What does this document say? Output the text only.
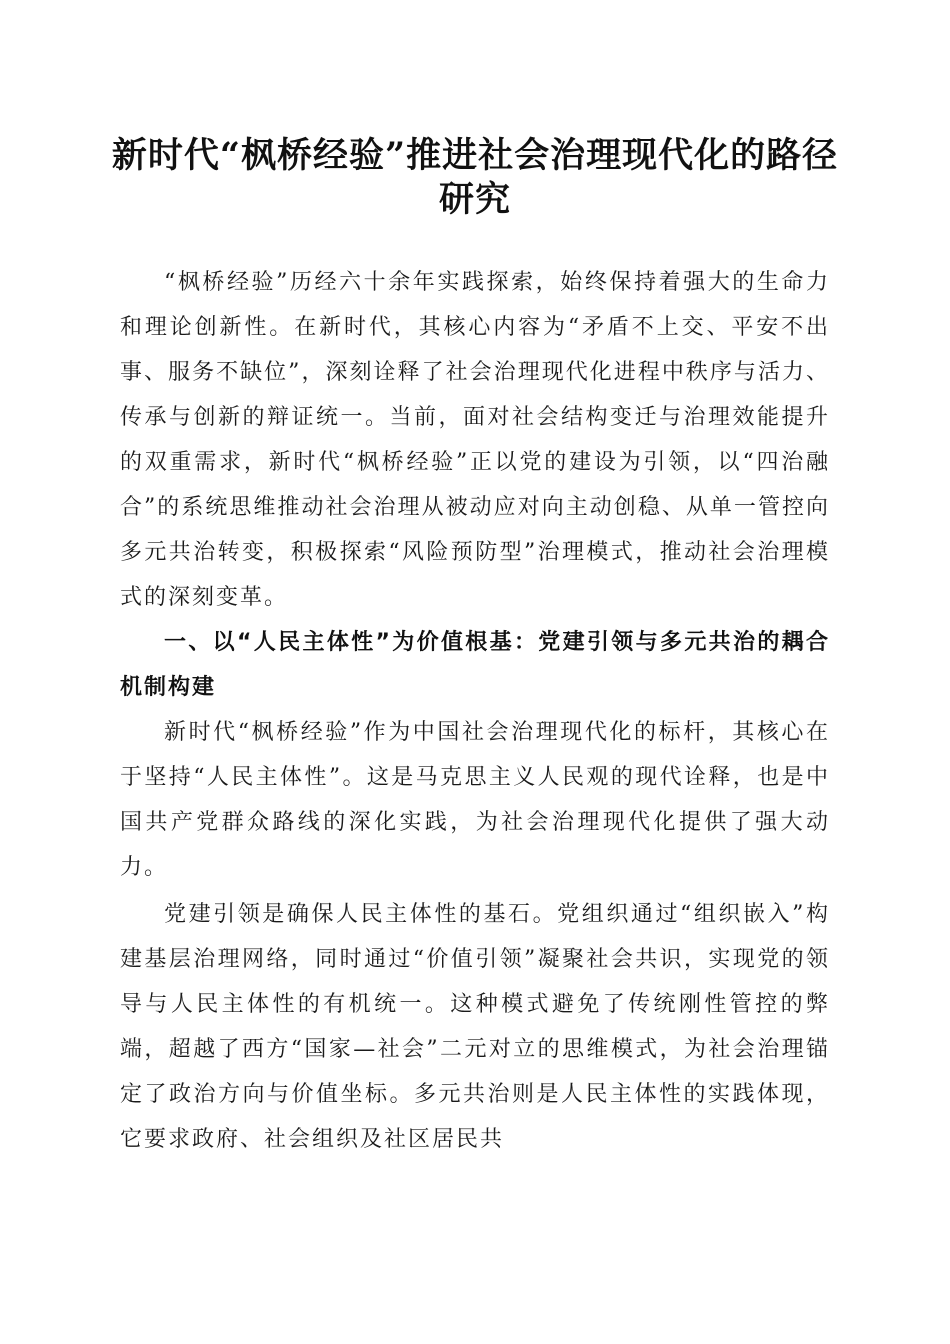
新时代“枫桥经验”推进社会治理现代化的路径研究

“枫桥经验”历经六十余年实践探索，始终保持着强大的生命力和理论创新性。在新时代，其核心内容为“矛盾不上交、平安不出事、服务不缺位”，深刻诠释了社会治理现代化进程中秩序与活力、传承与创新的辩证统一。当前，面对社会结构变迁与治理效能提升的双重需求，新时代“枫桥经验”正以党的建设为引领，以“四治融合”的系统思维推动社会治理从被动应对向主动创稳、从单一管控向多元共治转变，积极探索“风险预防型”治理模式，推动社会治理模式的深刻变革。

一、以“人民主体性”为价值根基：党建引领与多元共治的耦合机制构建

新时代“枫桥经验”作为中国社会治理现代化的标杆，其核心在于坚持“人民主体性”。这是马克思主义人民观的现代诠释，也是中国共产党群众路线的深化实践，为社会治理现代化提供了强大动力。

党建引领是确保人民主体性的基石。党组织通过“组织嵌入”构建基层治理网络，同时通过“价值引领”凝聚社会共识，实现党的领导与人民主体性的有机统一。这种模式避免了传统刚性管控的弊端，超越了西方“国家—社会”二元对立的思维模式，为社会治理锚定了政治方向与价值坐标。多元共治则是人民主体性的实践体现，它要求政府、社会组织及社区居民共
